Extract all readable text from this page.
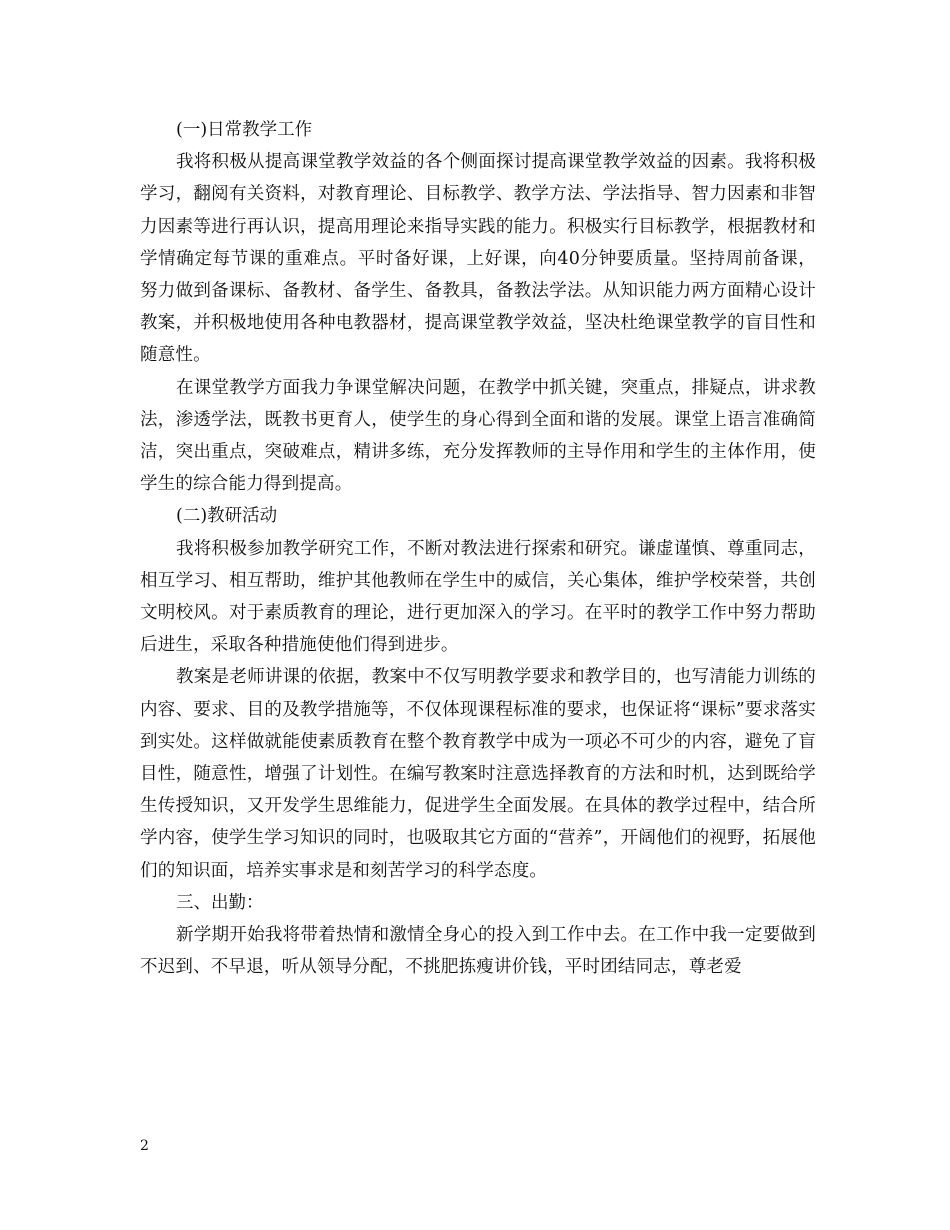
(一)日常教学工作

我将积极从提高课堂教学效益的各个侧面探讨提高课堂教学效益的因素。我将积极学习，翻阅有关资料，对教育理论、目标教学、教学方法、学法指导、智力因素和非智力因素等进行再认识，提高用理论来指导实践的能力。积极实行目标教学，根据教材和学情确定每节课的重难点。平时备好课，上好课，向40分钟要质量。坚持周前备课，努力做到备课标、备教材、备学生、备教具，备教法学法。从知识能力两方面精心设计教案，并积极地使用各种电教器材，提高课堂教学效益，坚决杜绝课堂教学的盲目性和随意性。

在课堂教学方面我力争课堂解决问题，在教学中抓关键，突重点，排疑点，讲求教法，渗透学法，既教书更育人，使学生的身心得到全面和谐的发展。课堂上语言准确简洁，突出重点，突破难点，精讲多练，充分发挥教师的主导作用和学生的主体作用，使学生的综合能力得到提高。

(二)教研活动

我将积极参加教学研究工作，不断对教法进行探索和研究。谦虚谨慎、尊重同志，相互学习、相互帮助，维护其他教师在学生中的威信，关心集体，维护学校荣誉，共创文明校风。对于素质教育的理论，进行更加深入的学习。在平时的教学工作中努力帮助后进生，采取各种措施使他们得到进步。

教案是老师讲课的依据，教案中不仅写明教学要求和教学目的，也写清能力训练的内容、要求、目的及教学措施等，不仅体现课程标准的要求，也保证将“课标”要求落实到实处。这样做就能使素质教育在整个教育教学中成为一项必不可少的内容，避免了盲目性，随意性，增强了计划性。在编写教案时注意选择教育的方法和时机，达到既给学生传授知识，又开发学生思维能力，促进学生全面发展。在具体的教学过程中，结合所学内容，使学生学习知识的同时，也吸取其它方面的“营养”，开阔他们的视野，拓展他们的知识面，培养实事求是和刻苦学习的科学态度。

三、出勤：

新学期开始我将带着热情和激情全身心的投入到工作中去。在工作中我一定要做到不迟到、不早退，听从领导分配，不挑肥拣瘦讲价钱，平时团结同志，尊老爱

2
